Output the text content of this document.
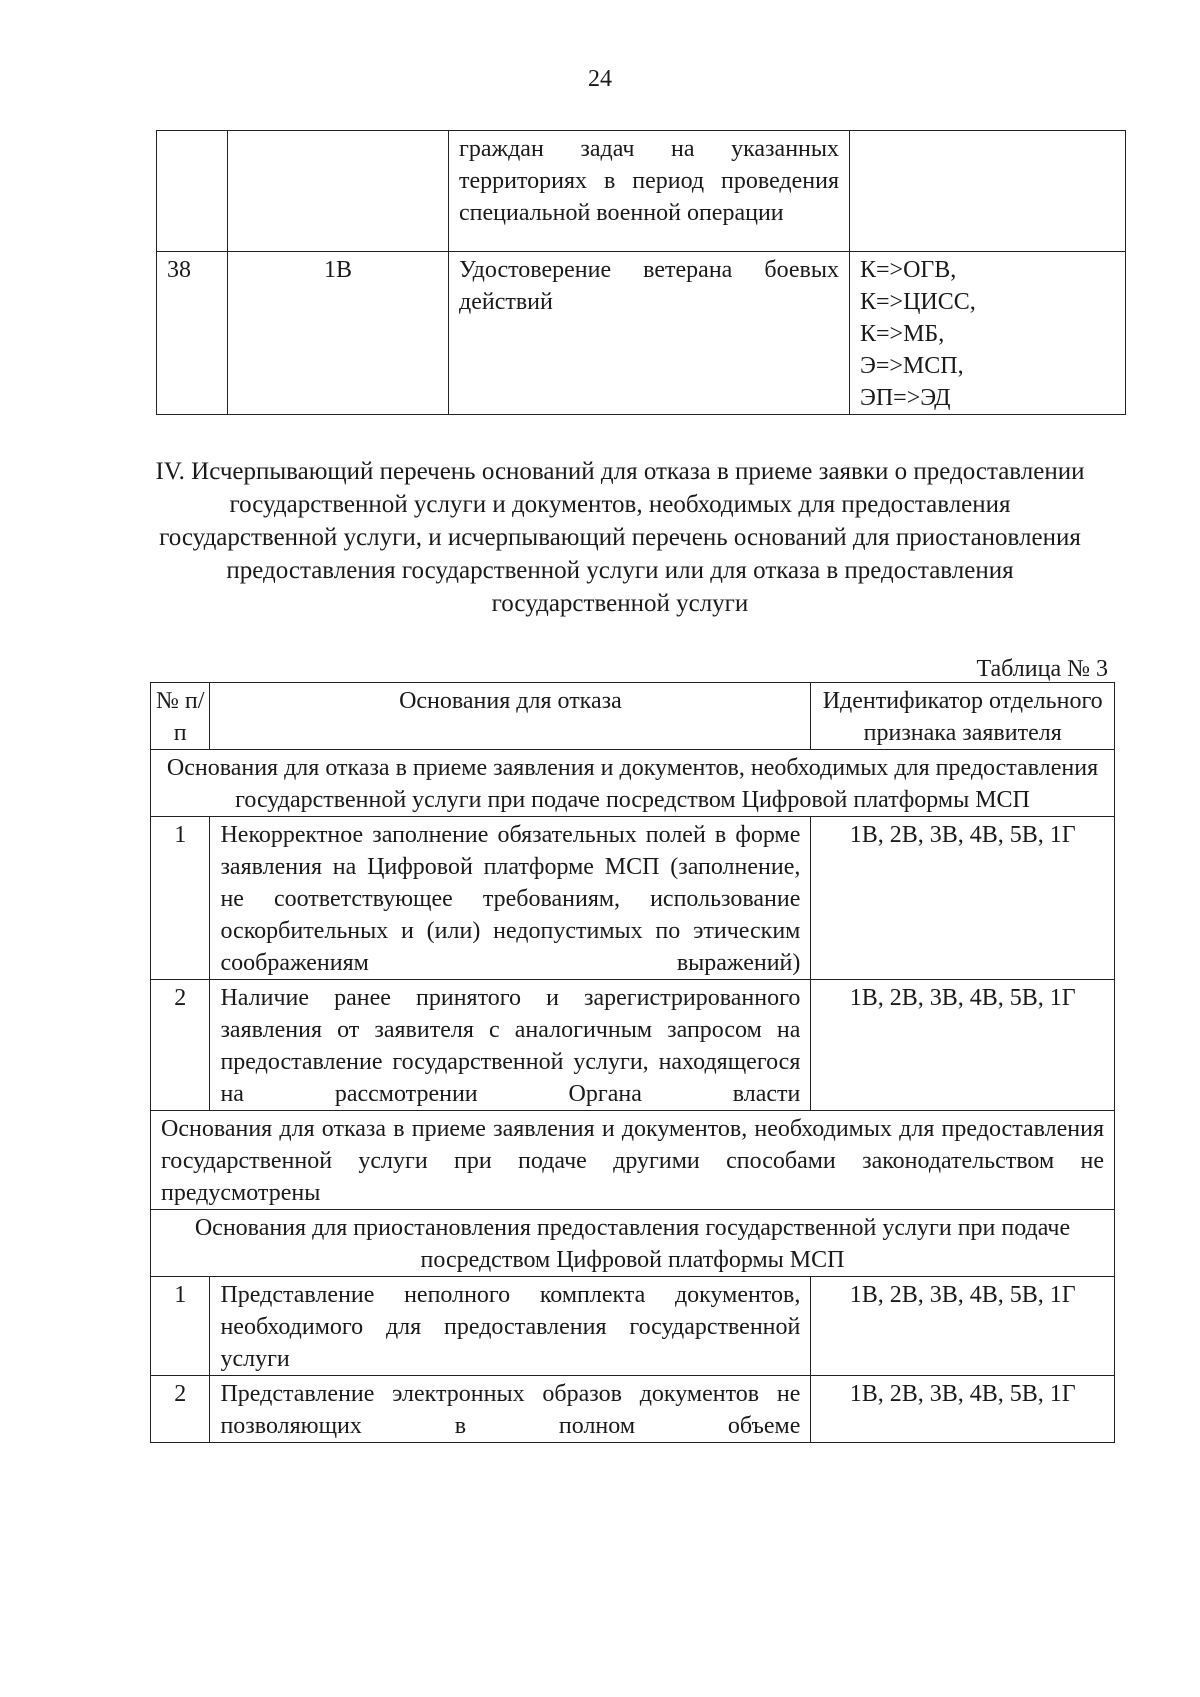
24
		граждан задач на указанных территориях в период проведения специальной военной операции	
38	1В	Удостоверение ветерана боевых действий	К=>ОГВ,
К=>ЦИСС,
К=>МБ,
Э=>МСП,
ЭП=>ЭД
IV. Исчерпывающий перечень оснований для отказа в приеме заявки о предоставлении государственной услуги и документов, необходимых для предоставления государственной услуги, и исчерпывающий перечень оснований для приостановления предоставления государственной услуги или для отказа в предоставления государственной услуги
Таблица № 3
№ п/п	Основания для отказа	Идентификатор отдельного признака заявителя
Основания для отказа в приеме заявления и документов, необходимых для предоставления государственной услуги при подаче посредством Цифровой платформы МСП		
1	Некорректное заполнение обязательных полей в форме заявления на Цифровой платформе МСП (заполнение, не соответствующее требованиям, использование оскорбительных и (или) недопустимых по этическим соображениям выражений)	1В, 2В, 3В, 4В, 5В, 1Г
2	Наличие ранее принятого и зарегистрированного заявления от заявителя с аналогичным запросом на предоставление государственной услуги, находящегося на рассмотрении Органа власти	1В, 2В, 3В, 4В, 5В, 1Г
Основания для отказа в приеме заявления и документов, необходимых для предоставления государственной услуги при подаче другими способами законодательством не предусмотрены		
Основания для приостановления предоставления государственной услуги при подаче посредством Цифровой платформы МСП		
1	Представление неполного комплекта документов, необходимого для предоставления государственной услуги	1В, 2В, 3В, 4В, 5В, 1Г
2	Представление электронных образов документов не позволяющих в полном объеме	1В, 2В, 3В, 4В, 5В, 1Г
